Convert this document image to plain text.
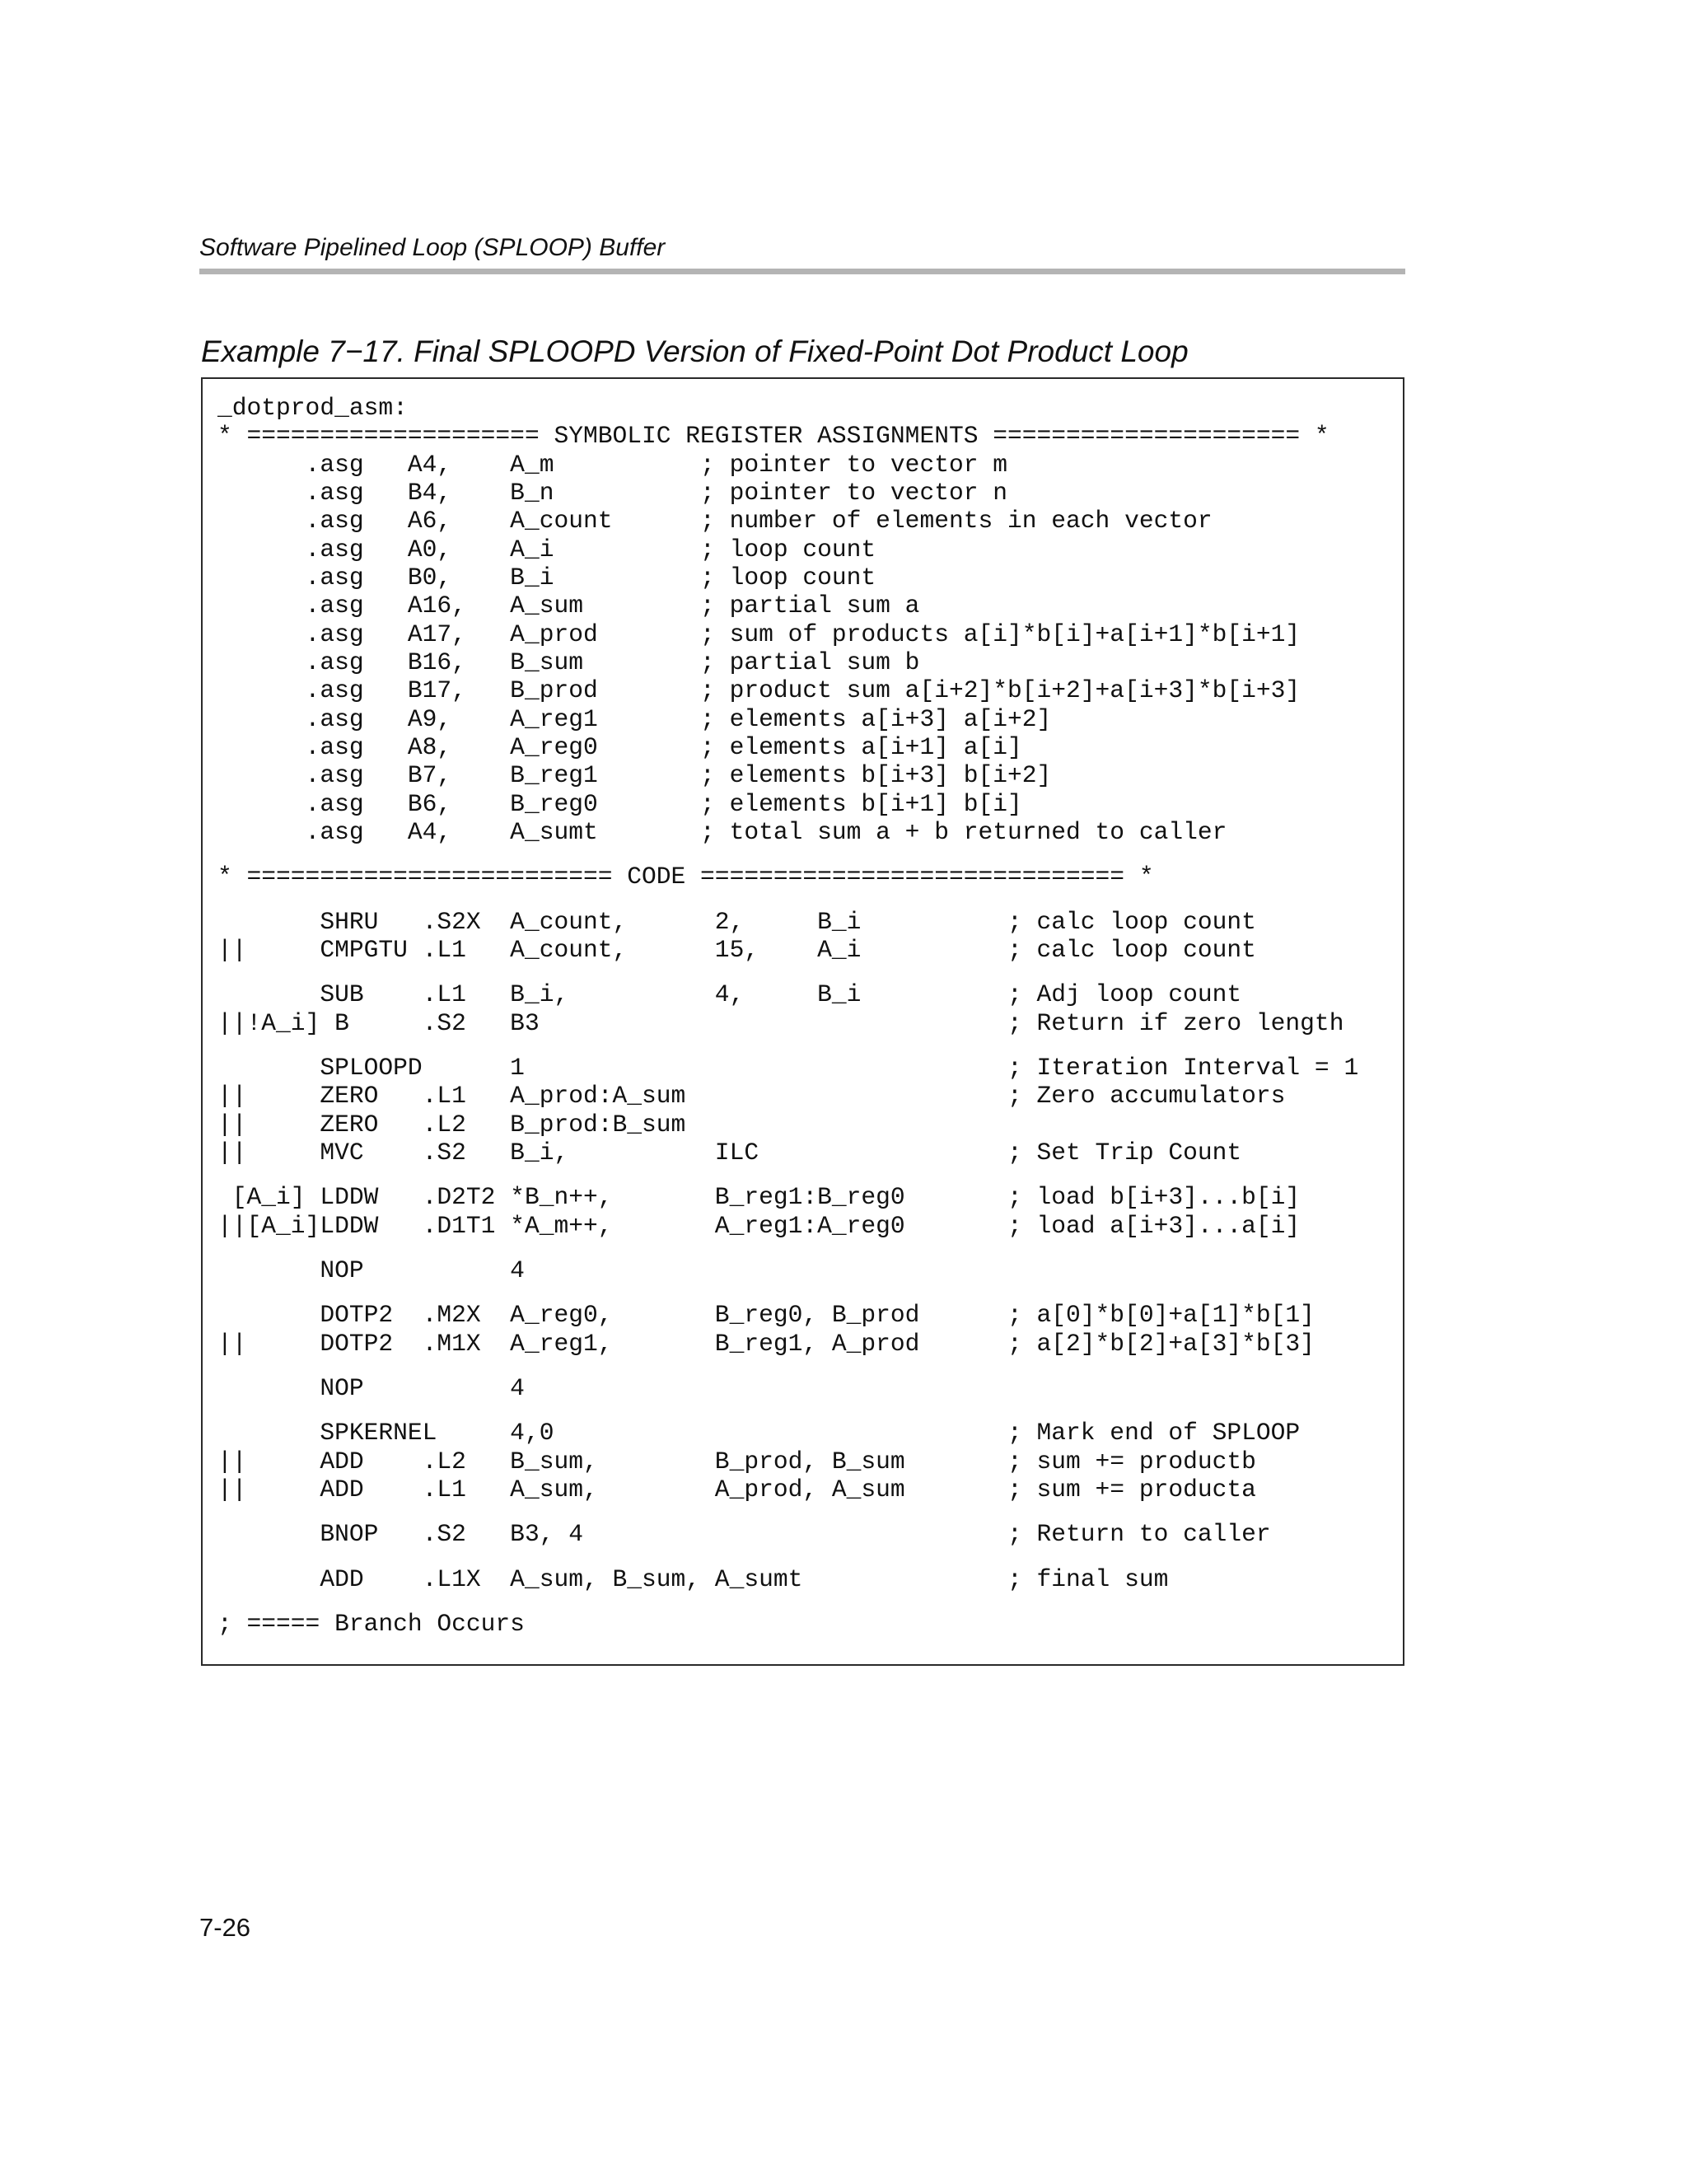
Software Pipelined Loop (SPLOOP) Buffer
Example 7−17. Final SPLOOPD Version of Fixed-Point Dot Product Loop
_dotprod_asm:
* ==================== SYMBOLIC REGISTER ASSIGNMENTS ===================== *
.asg   A4,    A_m          ; pointer to vector m
.asg   B4,    B_n          ; pointer to vector n
.asg   A6,    A_count      ; number of elements in each vector
.asg   A0,    A_i          ; loop count
.asg   B0,    B_i          ; loop count
.asg   A16,   A_sum        ; partial sum a
.asg   A17,   A_prod       ; sum of products a[i]*b[i]+a[i+1]*b[i+1]
.asg   B16,   B_sum        ; partial sum b
.asg   B17,   B_prod       ; product sum a[i+2]*b[i+2]+a[i+3]*b[i+3]
.asg   A9,    A_reg1       ; elements a[i+3] a[i+2]
.asg   A8,    A_reg0       ; elements a[i+1] a[i]
.asg   B7,    B_reg1       ; elements b[i+3] b[i+2]
.asg   B6,    B_reg0       ; elements b[i+1] b[i]
.asg   A4,    A_sumt       ; total sum a + b returned to caller
* ========================= CODE ============================= *
SHRU   .S2X  A_count,      2,     B_i          ; calc loop count
||     CMPGTU .L1   A_count,      15,    A_i          ; calc loop count
SUB    .L1   B_i,          4,     B_i          ; Adj loop count
||!A_i] B     .S2   B3                                ; Return if zero length
SPLOOPD      1                                 ; Iteration Interval = 1
||     ZERO   .L1   A_prod:A_sum                      ; Zero accumulators
||     ZERO   .L2   B_prod:B_sum
||     MVC    .S2   B_i,          ILC                 ; Set Trip Count
[A_i] LDDW   .D2T2 *B_n++,       B_reg1:B_reg0       ; load b[i+3]...b[i]
||[A_i]LDDW   .D1T1 *A_m++,       A_reg1:A_reg0       ; load a[i+3]...a[i]
NOP          4
DOTP2  .M2X  A_reg0,       B_reg0, B_prod      ; a[0]*b[0]+a[1]*b[1]
||     DOTP2  .M1X  A_reg1,       B_reg1, A_prod      ; a[2]*b[2]+a[3]*b[3]
NOP          4
SPKERNEL     4,0                               ; Mark end of SPLOOP
||     ADD    .L2   B_sum,        B_prod, B_sum       ; sum += productb
||     ADD    .L1   A_sum,        A_prod, A_sum       ; sum += producta
BNOP   .S2   B3, 4                             ; Return to caller
ADD    .L1X  A_sum, B_sum, A_sumt              ; final sum
; ===== Branch Occurs
7-26
